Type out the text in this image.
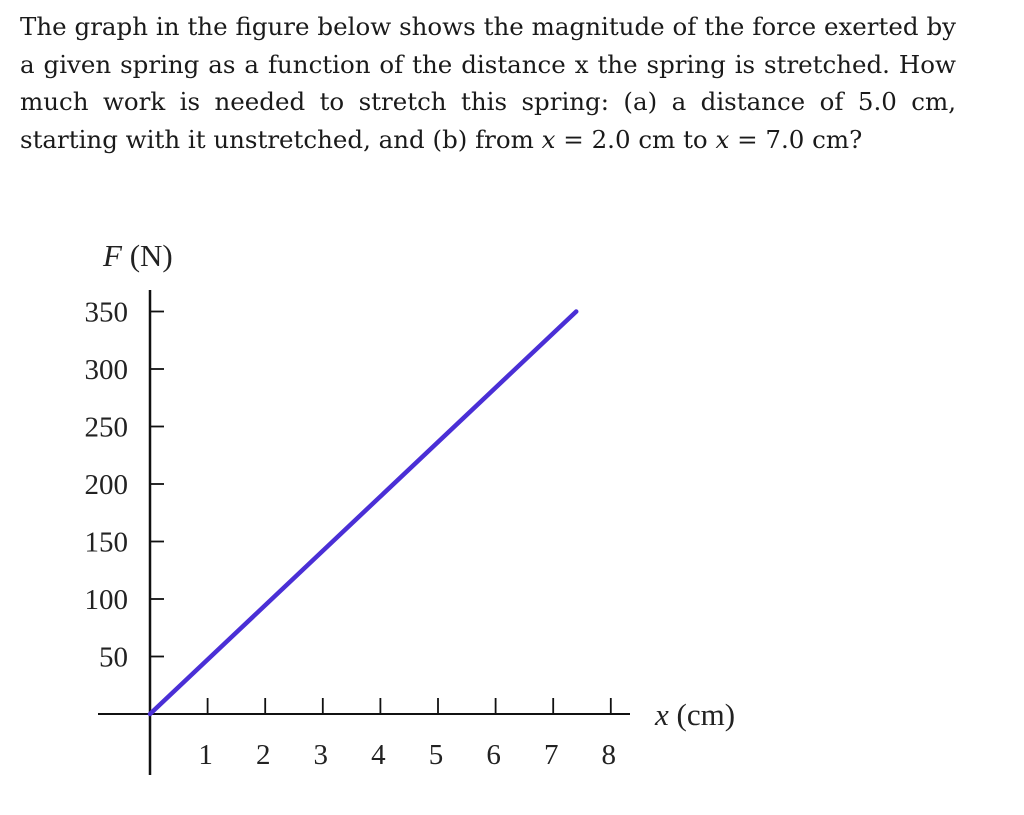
The graph in the figure below shows the magnitude of the force exerted by a given spring as a function of the distance x the spring is stretched. How much work is needed to stretch this spring: (a) a distance of 5.0 cm, starting with it unstretched, and (b) from x = 2.0 cm to x = 7.0 cm?

50
100
150
200
250
300
350
1 2 3 4 5 6 7 8
F (N)
x (cm)
